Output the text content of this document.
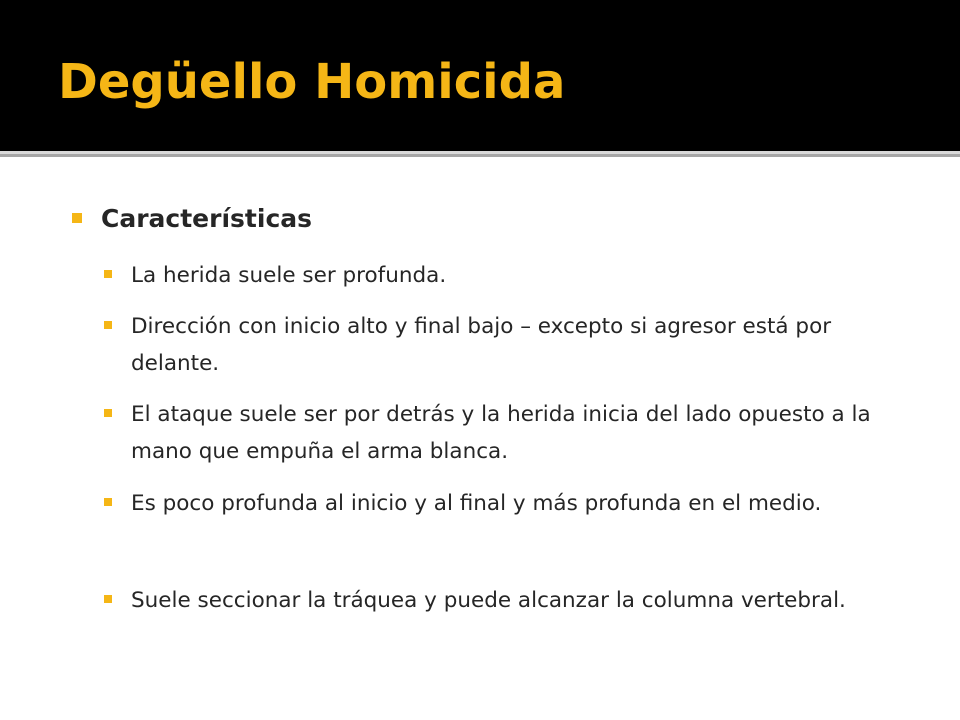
Degüello Homicida
Características
La herida suele ser profunda.
Dirección con inicio alto y final bajo – excepto si agresor está por delante.
El ataque suele ser por detrás y la herida inicia del lado opuesto a la mano que empuña el arma blanca.
Es poco profunda al inicio y al final y más profunda en el medio.
Suele seccionar la tráquea y puede alcanzar la columna vertebral.
